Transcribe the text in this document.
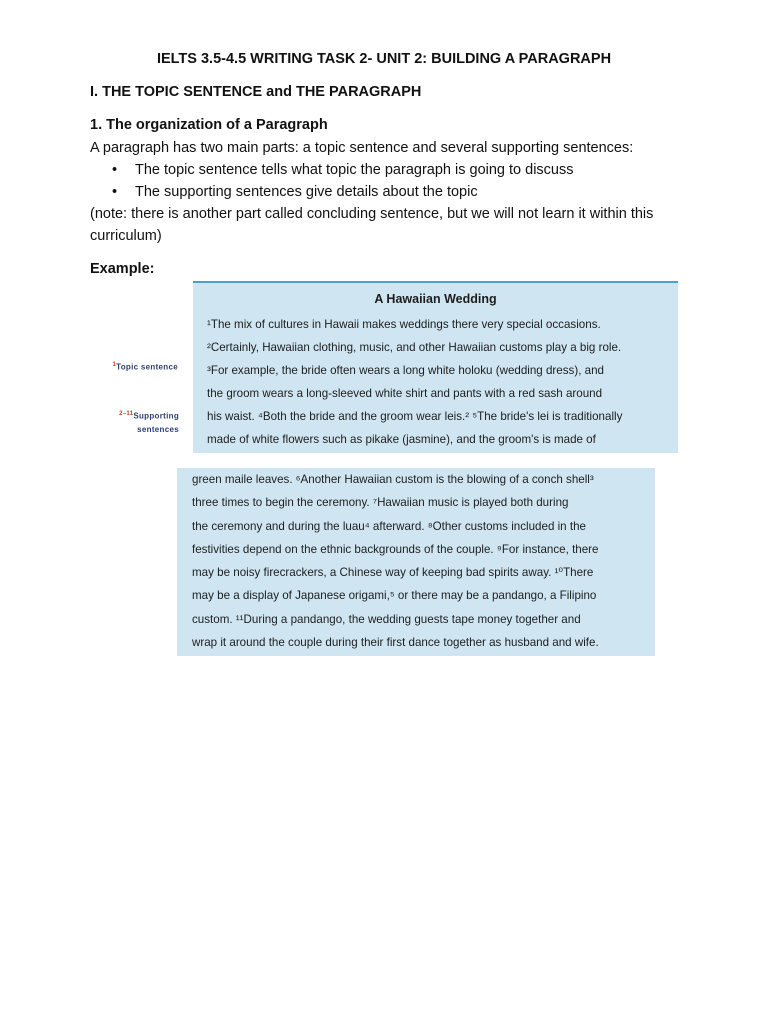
IELTS 3.5-4.5 WRITING TASK 2- UNIT 2: BUILDING A PARAGRAPH
I. THE TOPIC SENTENCE and THE PARAGRAPH
1. The organization of a Paragraph
A paragraph has two main parts: a topic sentence and several supporting sentences:
• The topic sentence tells what topic the paragraph is going to discuss
• The supporting sentences give details about the topic
(note: there is another part called concluding sentence, but we will not learn it within this curriculum)
Example:
$^1$Topic sentence
$^{2-11}$Supporting
sentences
A Hawaiian Wedding
¹The mix of cultures in Hawaii makes weddings there very special occasions.
²Certainly, Hawaiian clothing, music, and other Hawaiian customs play a big role.
³For example, the bride often wears a long white holoku (wedding dress), and
the groom wears a long-sleeved white shirt and pants with a red sash around
his waist. ⁴Both the bride and the groom wear leis.² ⁵The bride's lei is traditionally
made of white flowers such as pikake (jasmine), and the groom's is made of
green maile leaves. ⁶Another Hawaiian custom is the blowing of a conch shell³
three times to begin the ceremony. ⁷Hawaiian music is played both during
the ceremony and during the luau⁴ afterward. ⁸Other customs included in the
festivities depend on the ethnic backgrounds of the couple. ⁹For instance, there
may be noisy firecrackers, a Chinese way of keeping bad spirits away. ¹⁰There
may be a display of Japanese origami,⁵ or there may be a pandango, a Filipino
custom. ¹¹During a pandango, the wedding guests tape money together and
wrap it around the couple during their first dance together as husband and wife.
